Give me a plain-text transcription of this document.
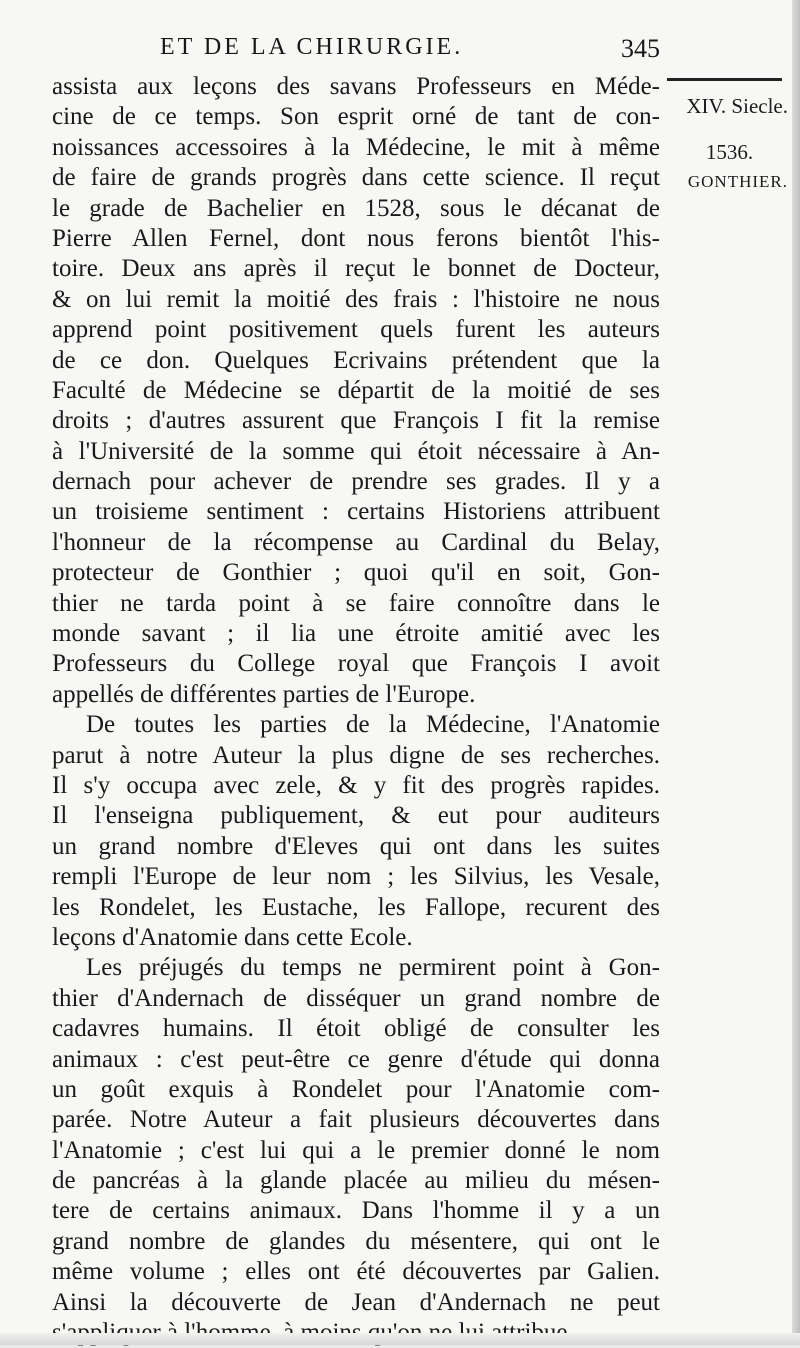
ET DE LA CHIRURGIE.	345
XIV. Siecle.
1536.
GONTHIER.
assista aux leçons des savans Professeurs en Méde-
cine de ce temps. Son esprit orné de tant de con-
noissances accessoires à la Médecine, le mit à même
de faire de grands progrès dans cette science. Il reçut
le grade de Bachelier en 1528, sous le décanat de
Pierre Allen Fernel, dont nous ferons bientôt l'his-
toire. Deux ans après il reçut le bonnet de Docteur,
& on lui remit la moitié des frais : l'histoire ne nous
apprend point positivement quels furent les auteurs
de ce don. Quelques Ecrivains prétendent que la
Faculté de Médecine se départit de la moitié de ses
droits ; d'autres assurent que François I fit la remise
à l'Université de la somme qui étoit nécessaire à An-
dernach pour achever de prendre ses grades. Il y a
un troisieme sentiment : certains Historiens attribuent
l'honneur de la récompense au Cardinal du Belay,
protecteur de Gonthier ; quoi qu'il en soit, Gon-
thier ne tarda point à se faire connoître dans le
monde savant ; il lia une étroite amitié avec les
Professeurs du College royal que François I avoit
appellés de différentes parties de l'Europe.
De toutes les parties de la Médecine, l'Anatomie
parut à notre Auteur la plus digne de ses recherches.
Il s'y occupa avec zele, & y fit des progrès rapides.
Il l'enseigna publiquement, & eut pour auditeurs
un grand nombre d'Eleves qui ont dans les suites
rempli l'Europe de leur nom ; les Silvius, les Vesale,
les Rondelet, les Eustache, les Fallope, recurent des
leçons d'Anatomie dans cette Ecole.
Les préjugés du temps ne permirent point à Gon-
thier d'Andernach de disséquer un grand nombre de
cadavres humains. Il étoit obligé de consulter les
animaux : c'est peut-être ce genre d'étude qui donna
un goût exquis à Rondelet pour l'Anatomie com-
parée. Notre Auteur a fait plusieurs découvertes dans
l'Anatomie ; c'est lui qui a le premier donné le nom
de pancréas à la glande placée au milieu du mésen-
tere de certains animaux. Dans l'homme il y a un
grand nombre de glandes du mésentere, qui ont le
même volume ; elles ont été découvertes par Galien.
Ainsi la découverte de Jean d'Andernach ne peut
